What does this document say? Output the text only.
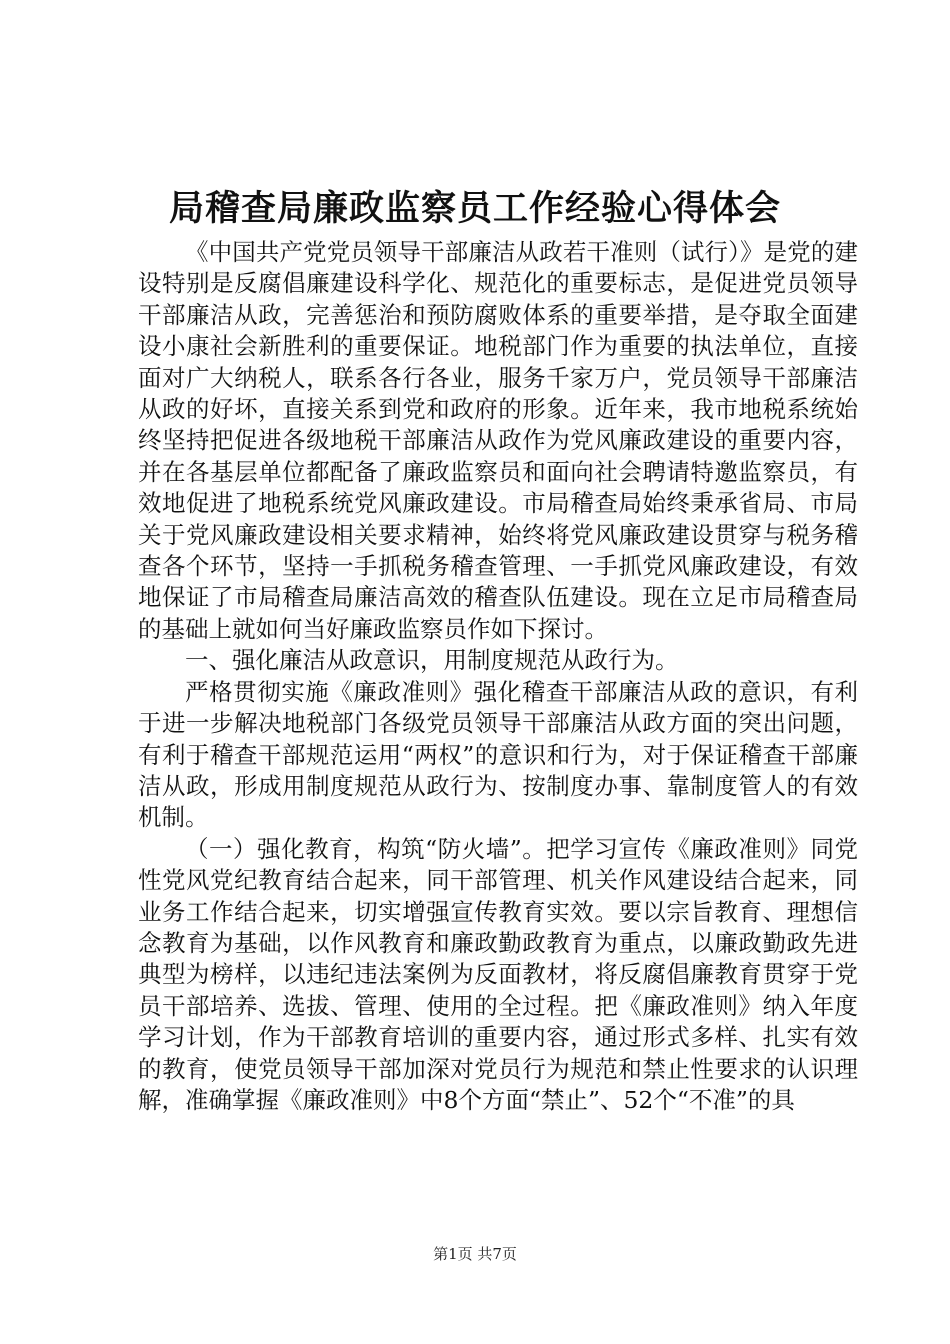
局稽查局廉政监察员工作经验心得体会

《中国共产党党员领导干部廉洁从政若干准则（试行）》是党的建设特别是反腐倡廉建设科学化、规范化的重要标志，是促进党员领导干部廉洁从政，完善惩治和预防腐败体系的重要举措，是夺取全面建设小康社会新胜利的重要保证。地税部门作为重要的执法单位，直接面对广大纳税人，联系各行各业，服务千家万户，党员领导干部廉洁从政的好坏，直接关系到党和政府的形象。近年来，我市地税系统始终坚持把促进各级地税干部廉洁从政作为党风廉政建设的重要内容，并在各基层单位都配备了廉政监察员和面向社会聘请特邀监察员，有效地促进了地税系统党风廉政建设。市局稽查局始终秉承省局、市局关于党风廉政建设相关要求精神，始终将党风廉政建设贯穿与税务稽查各个环节，坚持一手抓税务稽查管理、一手抓党风廉政建设，有效地保证了市局稽查局廉洁高效的稽查队伍建设。现在立足市局稽查局的基础上就如何当好廉政监察员作如下探讨。

一、强化廉洁从政意识，用制度规范从政行为。

严格贯彻实施《廉政准则》强化稽查干部廉洁从政的意识，有利于进一步解决地税部门各级党员领导干部廉洁从政方面的突出问题，有利于稽查干部规范运用“两权”的意识和行为，对于保证稽查干部廉洁从政，形成用制度规范从政行为、按制度办事、靠制度管人的有效机制。

（一）强化教育，构筑“防火墙”。把学习宣传《廉政准则》同党性党风党纪教育结合起来，同干部管理、机关作风建设结合起来，同业务工作结合起来，切实增强宣传教育实效。要以宗旨教育、理想信念教育为基础，以作风教育和廉政勤政教育为重点，以廉政勤政先进典型为榜样，以违纪违法案例为反面教材，将反腐倡廉教育贯穿于党员干部培养、选拔、管理、使用的全过程。把《廉政准则》纳入年度学习计划，作为干部教育培训的重要内容，通过形式多样、扎实有效的教育，使党员领导干部加深对党员行为规范和禁止性要求的认识理解，准确掌握《廉政准则》中8个方面“禁止”、52个“不准”的具

第1页 共7页
